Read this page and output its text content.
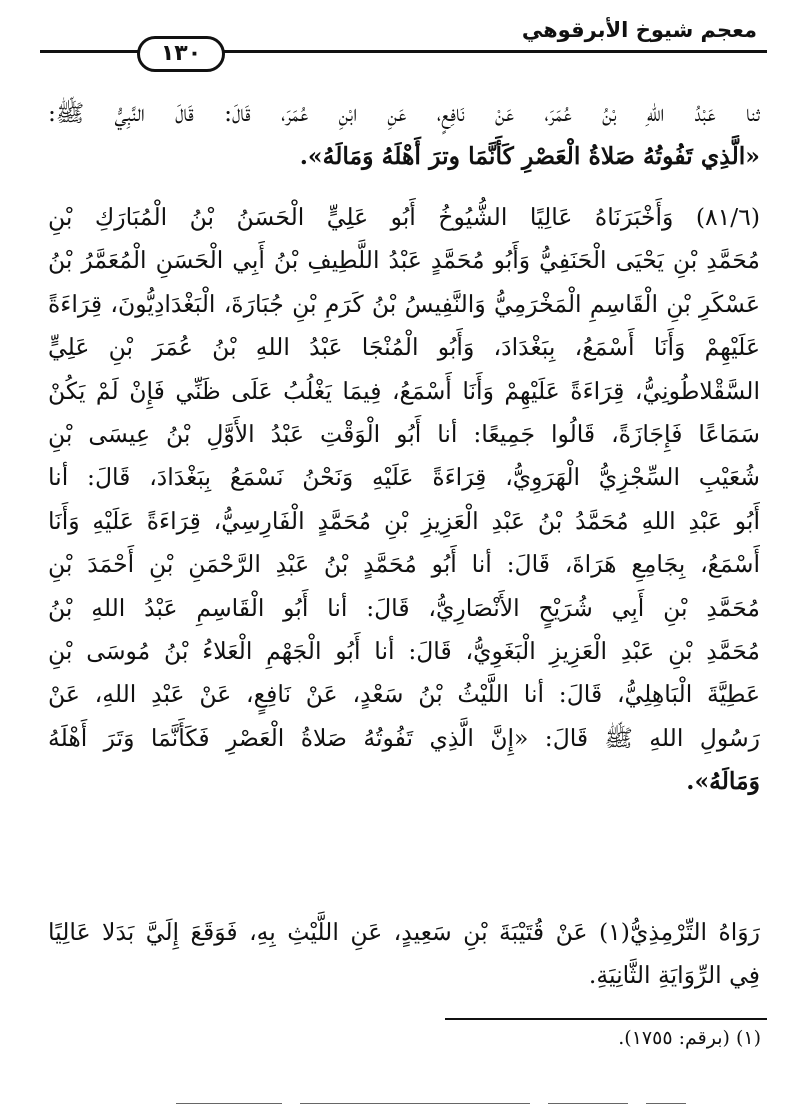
معجم شيوخ الأبرقوهي
١٣٠
ثنا عَبْدُ اللهِ بْنُ عُمَرَ، عَنْ نَافِعٍ، عَنِ ابْنِ عُمَرَ، قَالَ: قَالَ النَّبِيُّ ﷺ:
«الَّذِي تَفُوتُهُ صَلاةُ الْعَصْرِ كَأَنَّمَا وترَ أَهْلَهُ وَمَالَهُ».
(٨١/٦) وَأَخْبَرَنَاهُ عَالِيًا الشُّيُوخُ أَبُو عَلِيٍّ الْحَسَنُ بْنُ الْمُبَارَكِ بْنِ
مُحَمَّدِ بْنِ يَحْيَى الْحَنَفِيُّ وَأَبُو مُحَمَّدٍ عَبْدُ اللَّطِيفِ بْنُ أَبِي الْحَسَنِ الْمُعَمَّرُ بْنُ
عَسْكَرِ بْنِ الْقَاسِمِ الْمَخْرَمِيُّ وَالنَّفِيسُ بْنُ كَرَمِ بْنِ جُبَارَةَ، الْبَغْدَادِيُّونَ، قِرَاءَةً
عَلَيْهِمْ وَأَنَا أَسْمَعُ، بِبَغْدَادَ، وَأَبُو الْمُنْجَا عَبْدُ اللهِ بْنُ عُمَرَ بْنِ عَلِيٍّ
السَّقْلاطُونِيُّ، قِرَاءَةً عَلَيْهِمْ وَأَنَا أَسْمَعُ، فِيمَا يَغْلُبُ عَلَى ظَنِّي فَإِنْ لَمْ يَكُنْ
سَمَاعًا فَإِجَازَةً، قَالُوا جَمِيعًا: أنا أَبُو الْوَقْتِ عَبْدُ الأَوَّلِ بْنُ عِيسَى بْنِ
شُعَيْبِ السِّجْزِيُّ الْهَرَوِيُّ، قِرَاءَةً عَلَيْهِ وَنَحْنُ نَسْمَعُ بِبَغْدَادَ، قَالَ: أنا
أَبُو عَبْدِ اللهِ مُحَمَّدُ بْنُ عَبْدِ الْعَزِيزِ بْنِ مُحَمَّدٍ الْفَارِسِيُّ، قِرَاءَةً عَلَيْهِ وَأَنَا
أَسْمَعُ، بِجَامِعِ هَرَاةَ، قَالَ: أنا أَبُو مُحَمَّدٍ بْنُ عَبْدِ الرَّحْمَنِ بْنِ أَحْمَدَ بْنِ
مُحَمَّدِ بْنِ أَبِي شُرَيْحٍ الأَنْصَارِيُّ، قَالَ: أنا أَبُو الْقَاسِمِ عَبْدُ اللهِ بْنُ
مُحَمَّدِ بْنِ عَبْدِ الْعَزِيزِ الْبَغَوِيُّ، قَالَ: أنا أَبُو الْجَهْمِ الْعَلاءُ بْنُ مُوسَى بْنِ
عَطِيَّةَ الْبَاهِلِيُّ، قَالَ: أنا اللَّيْثُ بْنُ سَعْدٍ، عَنْ نَافِعٍ، عَنْ عَبْدِ اللهِ، عَنْ
رَسُولِ اللهِ ﷺ قَالَ: «إِنَّ الَّذِي تَفُوتُهُ صَلاةُ الْعَصْرِ فَكَأَنَّمَا وَتَرَ أَهْلَهُ
وَمَالَهُ».
رَوَاهُ التِّرْمِذِيُّ(١) عَنْ قُتَيْبَةَ بْنِ سَعِيدٍ، عَنِ اللَّيْثِ بِهِ، فَوَقَعَ إِلَيَّ بَدَلا عَالِيًا
فِي الرِّوَايَةِ الثَّانِيَةِ.
(١) (برقم: ١٧٥٥).
